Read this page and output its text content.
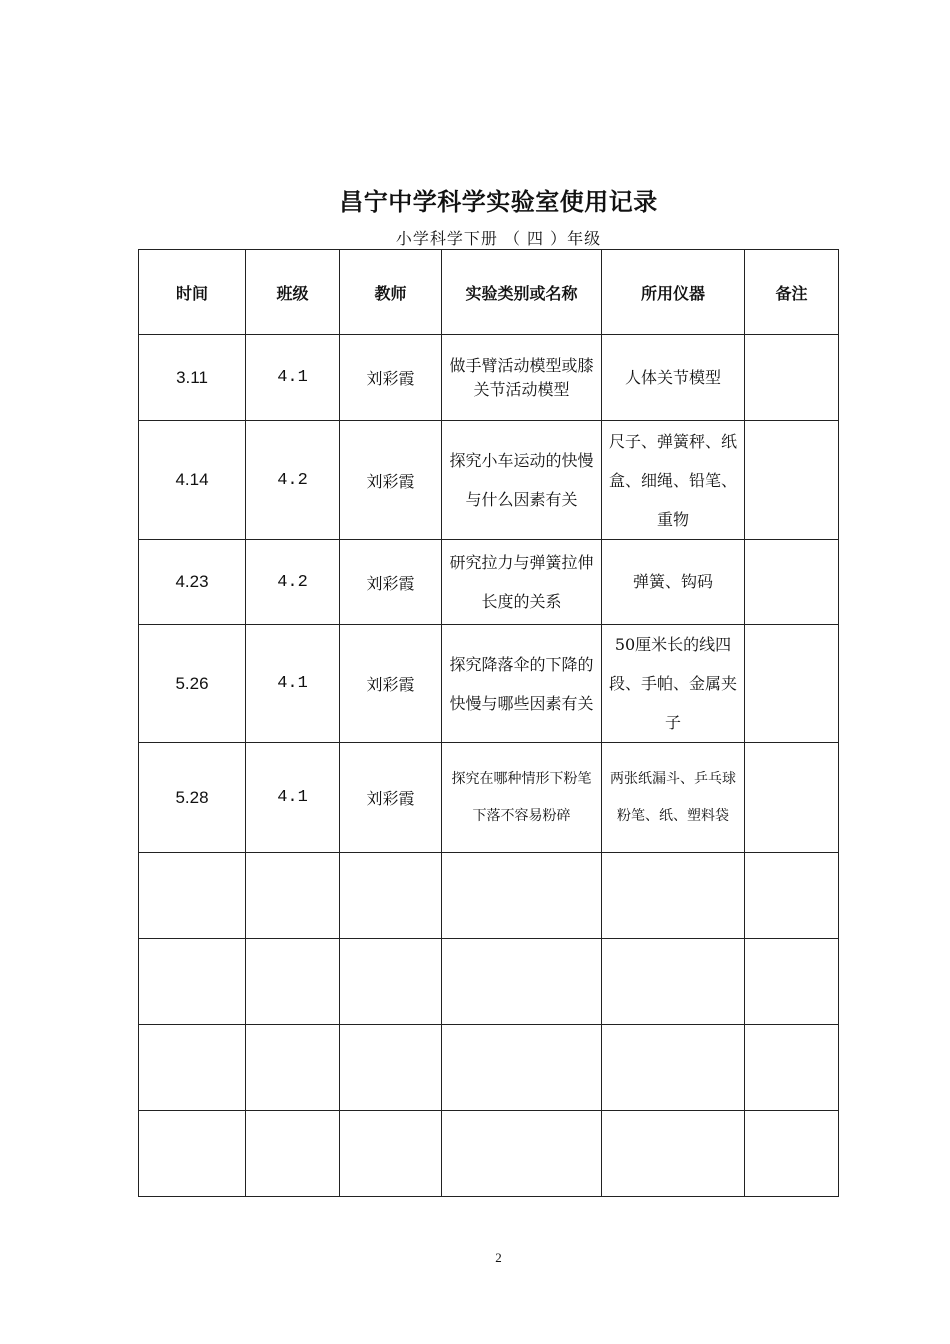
昌宁中学科学实验室使用记录
小学科学下册 （ 四 ）年级
时间	班级	教师	实验类别或名称	所用仪器	备注
3.11	4.1	刘彩霞	做手臂活动模型或膝关节活动模型	人体关节模型	
4.14	4.2	刘彩霞	探究小车运动的快慢与什么因素有关	尺子、弹簧秤、纸盒、细绳、铅笔、重物	
4.23	4.2	刘彩霞	研究拉力与弹簧拉伸长度的关系	弹簧、钩码	
5.26	4.1	刘彩霞	探究降落伞的下降的快慢与哪些因素有关	50厘米长的线四段、手帕、金属夹子	
5.28	4.1	刘彩霞	探究在哪种情形下粉笔下落不容易粉碎	两张纸漏斗、乒乓球粉笔、纸、塑料袋	

2
